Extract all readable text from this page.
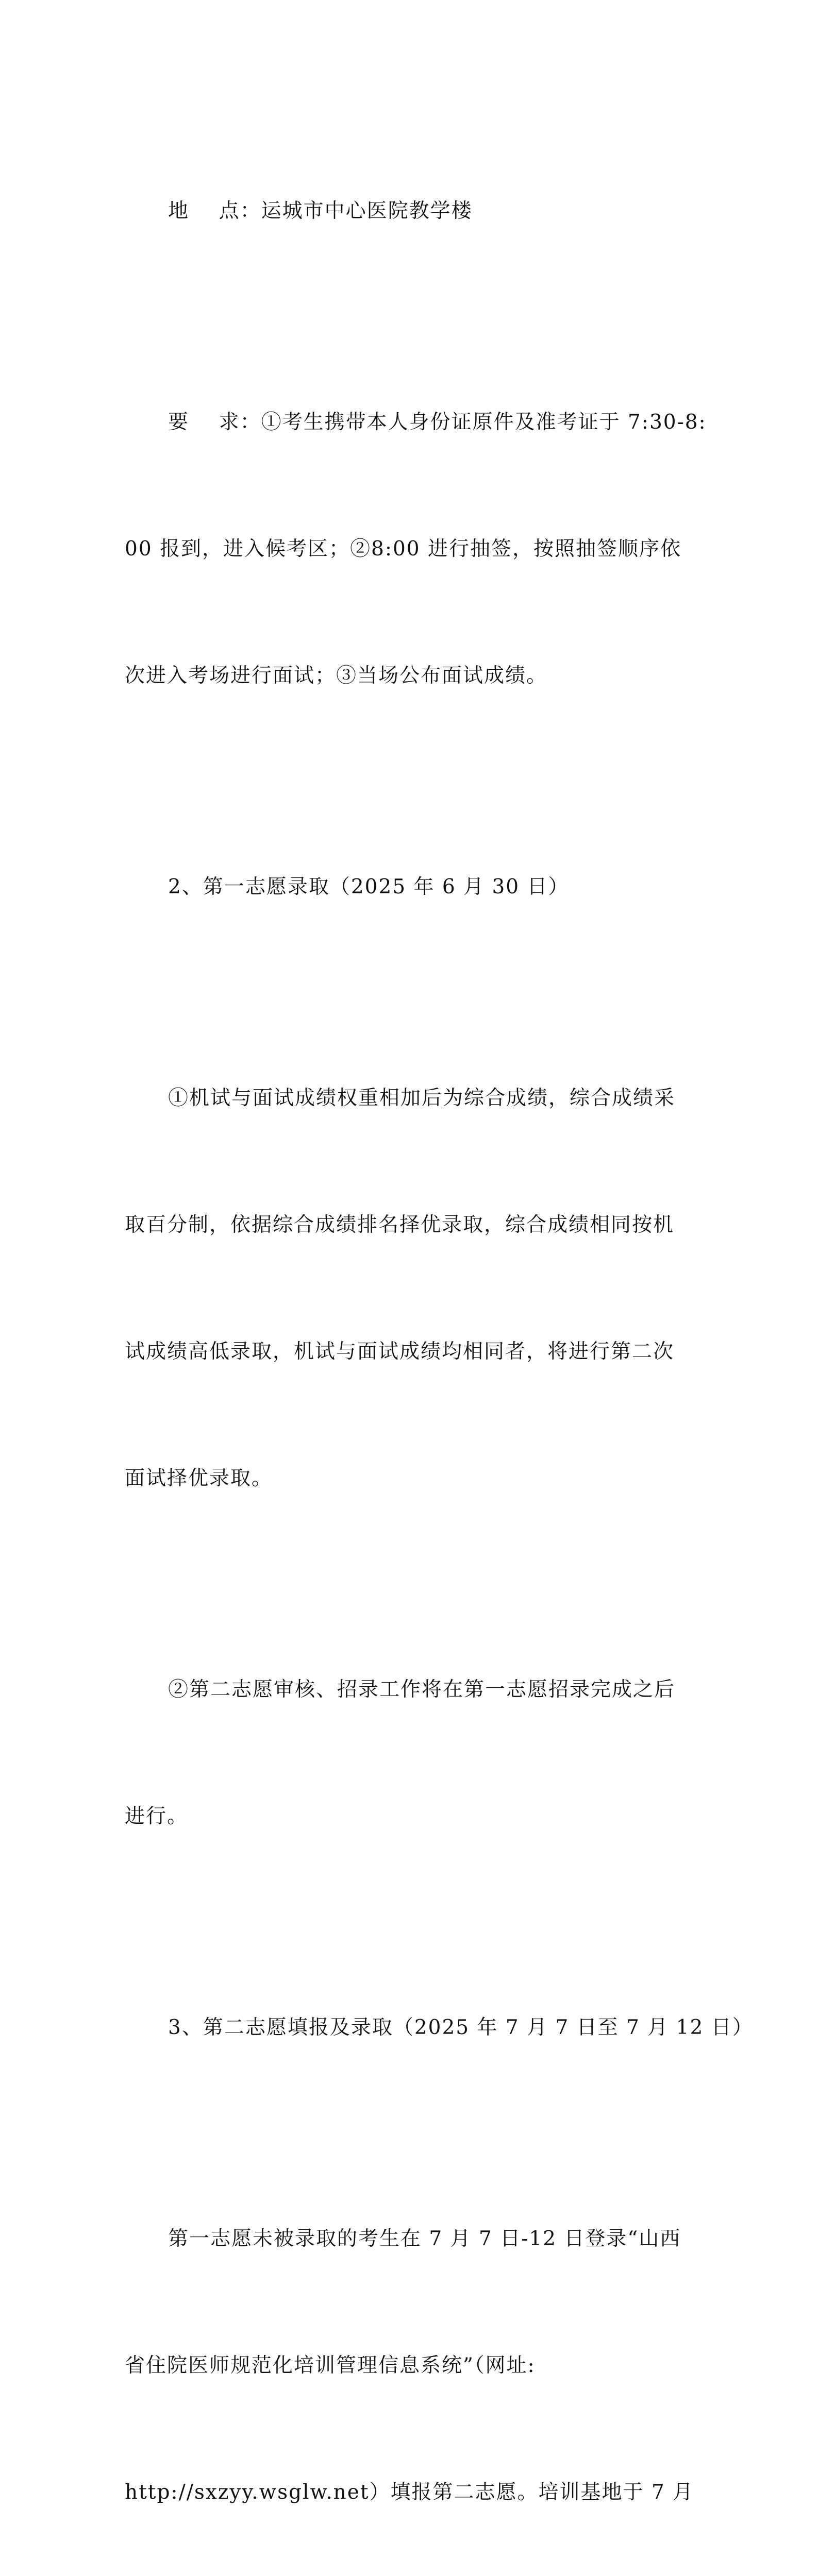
地    点：运城市中心医院教学楼

要    求：①考生携带本人身份证原件及准考证于 7:30-8:

00 报到，进入候考区；②8:00 进行抽签，按照抽签顺序依

次进入考场进行面试；③当场公布面试成绩。

2、第一志愿录取（2025 年 6 月 30 日）

①机试与面试成绩权重相加后为综合成绩，综合成绩采

取百分制，依据综合成绩排名择优录取，综合成绩相同按机

试成绩高低录取，机试与面试成绩均相同者，将进行第二次

面试择优录取。

②第二志愿审核、招录工作将在第一志愿招录完成之后

进行。

3、第二志愿填报及录取（2025 年 7 月 7 日至 7 月 12 日）

第一志愿未被录取的考生在 7 月 7 日-12 日登录“山西

省住院医师规范化培训管理信息系统”（网址:

http://sxzyy.wsglw.net）填报第二志愿。培训基地于 7 月
